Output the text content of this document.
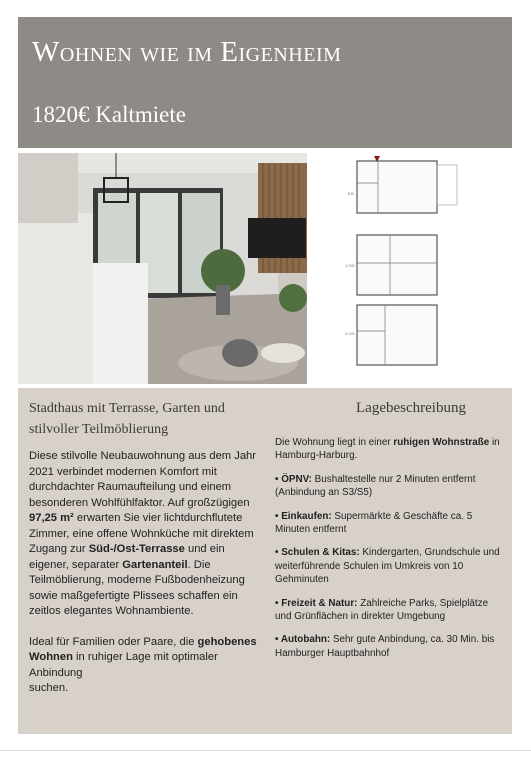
Wohnen wie im Eigenheim
1820€ Kaltmiete
EG
1.OG
2.OG
Stadthaus mit Terrasse, Garten und
stilvoller Teilmöblierung
Lagebeschreibung
Diese stilvolle Neubauwohnung aus dem Jahr 2021 verbindet modernen Komfort mit durchdachter Raumaufteilung und einem besonderen Wohlfühlfaktor. Auf großzügigen 97,25 m² erwarten Sie vier lichtdurchflutete Zimmer, eine offene Wohnküche mit direktem Zugang zur Süd-/Ost-Terrasse und ein eigener, separater Gartenanteil. Die Teilmöblierung, moderne Fußbodenheizung sowie maßgefertigte Plissees schaffen ein zeitlos elegantes Wohnambiente.
Ideal für Familien oder Paare, die gehobenes Wohnen in ruhiger Lage mit optimaler Anbindung
suchen.

Die Wohnung liegt in einer ruhigen Wohnstraße in Hamburg-Harburg.

• ÖPNV: Bushaltestelle nur 2 Minuten entfernt (Anbindung an S3/S5)

• Einkaufen: Supermärkte & Geschäfte ca. 5 Minuten entfernt

• Schulen & Kitas: Kindergarten, Grundschule und weiterführende Schulen im Umkreis von 10 Gehminuten

• Freizeit & Natur: Zahlreiche Parks, Spielplätze und Grünflächen in direkter Umgebung

• Autobahn: Sehr gute Anbindung, ca. 30 Min. bis Hamburger Hauptbahnhof
